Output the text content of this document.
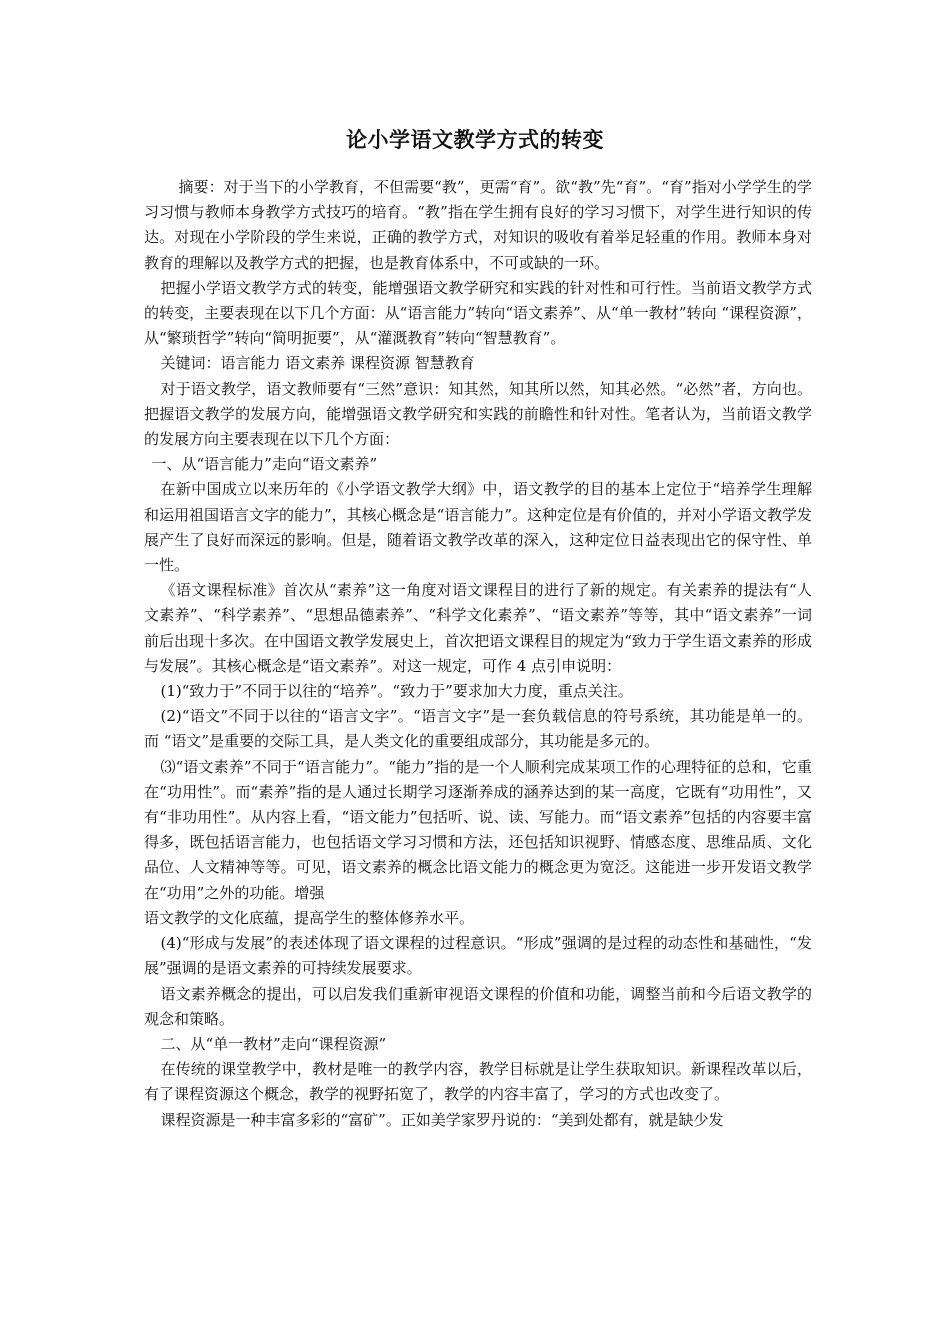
论小学语文教学方式的转变

摘要：对于当下的小学教育，不但需要“教”，更需“育”。欲“教”先“育”。“育”指对小学学生的学习习惯与教师本身教学方式技巧的培育。“教”指在学生拥有良好的学习习惯下，对学生进行知识的传达。对现在小学阶段的学生来说，正确的教学方式，对知识的吸收有着举足轻重的作用。教师本身对教育的理解以及教学方式的把握，也是教育体系中，不可或缺的一环。

把握小学语文教学方式的转变，能增强语文教学研究和实践的针对性和可行性。当前语文教学方式的转变，主要表现在以下几个方面：从“语言能力”转向“语文素养”、从“单一教材”转向 “课程资源”，从“繁琐哲学”转向“简明扼要”，从“灌溉教育”转向“智慧教育”。

关键词：语言能力 语文素养 课程资源 智慧教育

对于语文教学，语文教师要有“三然”意识：知其然，知其所以然，知其必然。“必然”者，方向也。把握语文教学的发展方向，能增强语文教学研究和实践的前瞻性和针对性。笔者认为，当前语文教学的发展方向主要表现在以下几个方面：

一、从“语言能力”走向“语文素养”

在新中国成立以来历年的《小学语文教学大纲》中，语文教学的目的基本上定位于“培养学生理解和运用祖国语言文字的能力”，其核心概念是“语言能力”。这种定位是有价值的，并对小学语文教学发展产生了良好而深远的影响。但是，随着语文教学改革的深入，这种定位日益表现出它的保守性、单一性。

《语文课程标准》首次从“素养”这一角度对语文课程目的进行了新的规定。有关素养的提法有“人文素养”、“科学素养”、“思想品德素养”、“科学文化素养”、“语文素养”等等，其中“语文素养”一词前后出现十多次。在中国语文教学发展史上，首次把语文课程目的规定为“致力于学生语文素养的形成与发展”。其核心概念是“语文素养”。对这一规定，可作 4 点引申说明：

(1)“致力于”不同于以往的“培养”。“致力于”要求加大力度，重点关注。

(2)“语文”不同于以往的“语言文字”。“语言文字”是一套负载信息的符号系统，其功能是单一的。而 “语文”是重要的交际工具，是人类文化的重要组成部分，其功能是多元的。

⑶“语文素养”不同于“语言能力”。“能力”指的是一个人顺利完成某项工作的心理特征的总和，它重在“功用性”。而“素养”指的是人通过长期学习逐渐养成的涵养达到的某一高度，它既有“功用性”，又有“非功用性”。从内容上看，“语文能力”包括听、说、读、写能力。而“语文素养”包括的内容要丰富得多，既包括语言能力，也包括语文学习习惯和方法，还包括知识视野、情感态度、思维品质、文化品位、人文精神等等。可见，语文素养的概念比语文能力的概念更为宽泛。这能进一步开发语文教学在“功用”之外的功能。增强

语文教学的文化底蕴，提高学生的整体修养水平。

(4)“形成与发展”的表述体现了语文课程的过程意识。“形成”强调的是过程的动态性和基础性，“发展”强调的是语文素养的可持续发展要求。

语文素养概念的提出，可以启发我们重新审视语文课程的价值和功能，调整当前和今后语文教学的观念和策略。

二、从“单一教材”走向“课程资源”

在传统的课堂教学中，教材是唯一的教学内容，教学目标就是让学生获取知识。新课程改革以后，有了课程资源这个概念，教学的视野拓宽了，教学的内容丰富了，学习的方式也改变了。

课程资源是一种丰富多彩的“富矿”。正如美学家罗丹说的：“美到处都有，就是缺少发
